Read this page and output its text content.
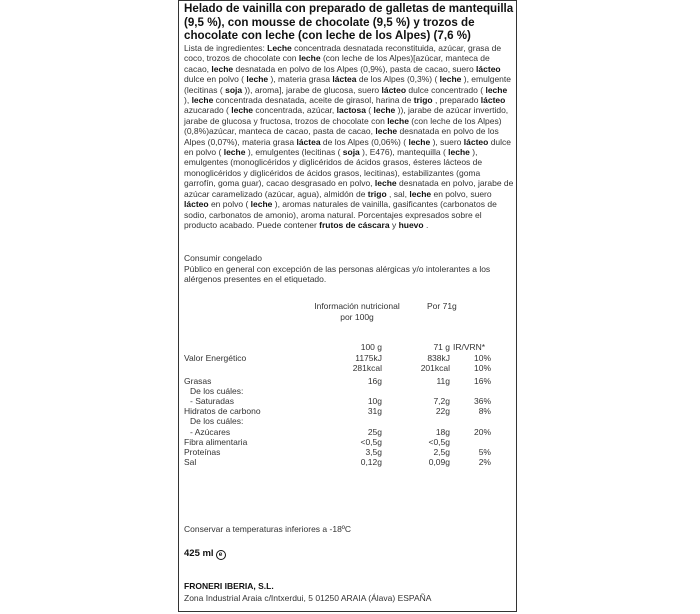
Helado de vainilla con preparado de galletas de mantequilla (9,5 %), con mousse de chocolate (9,5 %) y trozos de chocolate con leche (con leche de los Alpes) (7,6 %)
Lista de ingredientes: Leche concentrada desnatada reconstituida, azúcar, grasa de coco, trozos de chocolate con leche (con leche de los Alpes)[azúcar, manteca de cacao, leche desnatada en polvo de los Alpes (0,9%), pasta de cacao, suero lácteo dulce en polvo ( leche ), materia grasa láctea de los Alpes (0,3%) ( leche ), emulgente (lecitinas ( soja )), aroma], jarabe de glucosa, suero lácteo dulce concentrado ( leche ), leche concentrada desnatada, aceite de girasol, harina de trigo , preparado lácteo azucarado ( leche concentrada, azúcar, lactosa ( leche )), jarabe de azúcar invertido, jarabe de glucosa y fructosa, trozos de chocolate con leche (con leche de los Alpes) (0,8%)azúcar, manteca de cacao, pasta de cacao, leche desnatada en polvo de los Alpes (0,07%), materia grasa láctea de los Alpes (0,06%) ( leche ), suero lácteo dulce en polvo ( leche ), emulgentes (lecitinas ( soja ), E476), mantequilla ( leche ), emulgentes (monoglicéridos y diglicéridos de ácidos grasos, ésteres lácteos de monoglicéridos y diglicéridos de ácidos grasos, lecitinas), estabilizantes (goma garrofín, goma guar), cacao desgrasado en polvo, leche desnatada en polvo, jarabe de azúcar caramelizado (azúcar, agua), almidón de trigo , sal, leche en polvo, suero lácteo en polvo ( leche ), aromas naturales de vainilla, gasificantes (carbonatos de sodio, carbonatos de amonio), aroma natural. Porcentajes expresados sobre el producto acabado. Puede contener frutos de cáscara y huevo .
Consumir congelado
Público en general con excepción de las personas alérgicas y/o intolerantes a los alérgenos presentes en el etiquetado.
Información nutricional por 100g
Por 71g
100 g	71 g IR/VRN*
Valor Energético	1175kJ	838kJ	10%
281kcal	201kcal	10%
Grasas	16g	11g	16%
De los cuáles:
- Saturadas	10g	7,2g	36%
Hidratos de carbono	31g	22g	8%
De los cuáles:
- Azúcares	25g	18g	20%
Fibra alimentaria	<0,5g	<0,5g
Proteínas	3,5g	2,5g	5%
Sal	0,12g	0,09g	2%
Conservar a temperaturas inferiores a -18ºC
425 ml e
FRONERI IBERIA, S.L.
Zona Industrial Araia c/Intxerdui, 5 01250 ARAIA (Álava) ESPAÑA
